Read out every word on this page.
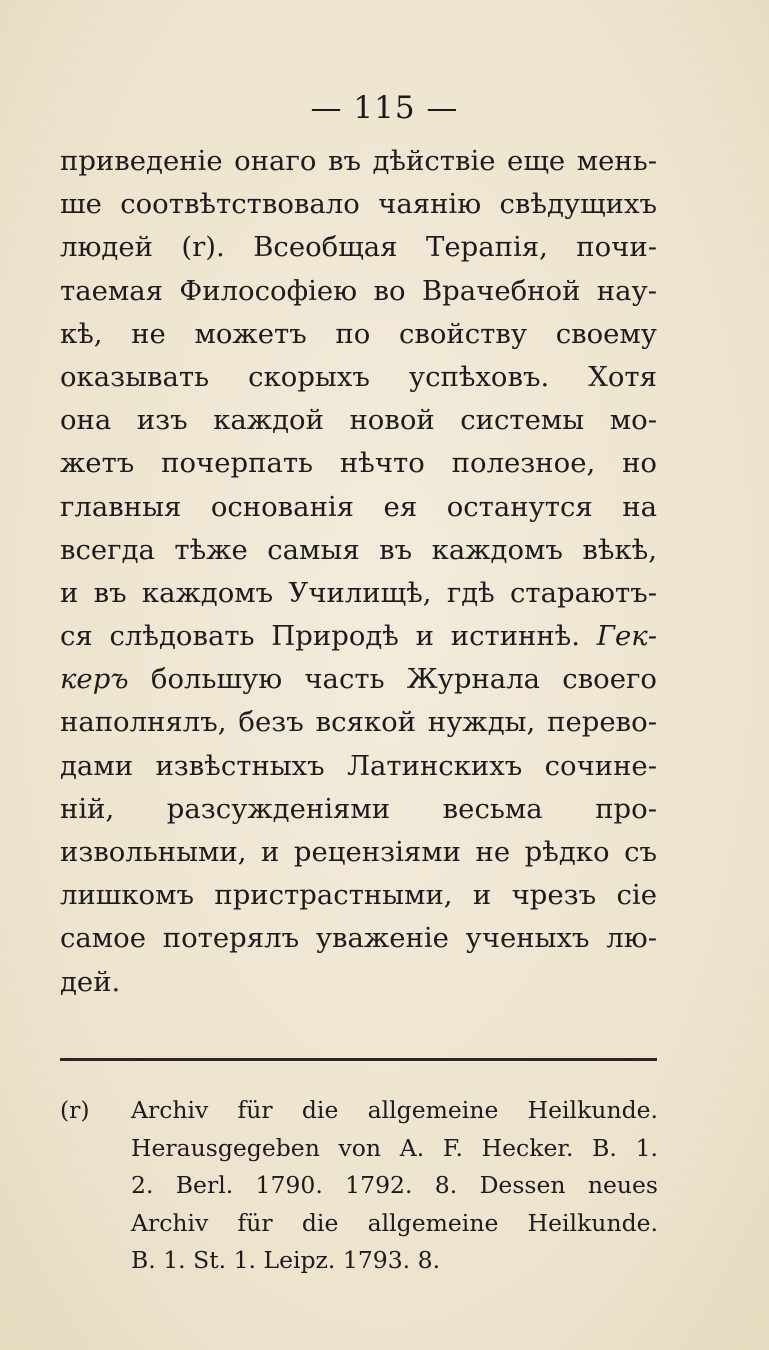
— 115 —
приведенie онаго въ дѣйствie еще мень-
ше соотвѣтствовало чаянiю свѣдущихъ
людей (r). Всеобщая Терапiя, почи-
таемая Философiею во Врачебной нау-
кѣ, не можетъ по свойству своему
оказывать скорыхъ успѣховъ. Хотя
она изъ каждой новой системы мо-
жетъ почерпать нѣчто полезное, но
главныя основанiя ея останутся на
всегда тѣже самыя въ каждомъ вѣкѣ,
и въ каждомъ Училищѣ, гдѣ стараютъ-
ся слѣдовать Природѣ и истиннѣ. Гек-
керъ большую часть Журнала своего
наполнялъ, безъ всякой нужды, перево-
дами извѣстныхъ Латинскихъ сочине-
нiй, разсужденiями весьма про-
извольными, и рецензiями не рѣдко съ
лишкомъ пристрастными, и чрезъ сie
самое потерялъ уваженie ученыхъ лю-
дей.
(r) Archiv für die allgemeine Heilkunde.
Herausgegeben von A. F. Hecker. B. 1.
2. Berl. 1790. 1792. 8. Dessen neues
Archiv für die allgemeine Heilkunde.
B. 1. St. 1. Leipz. 1793. 8.
